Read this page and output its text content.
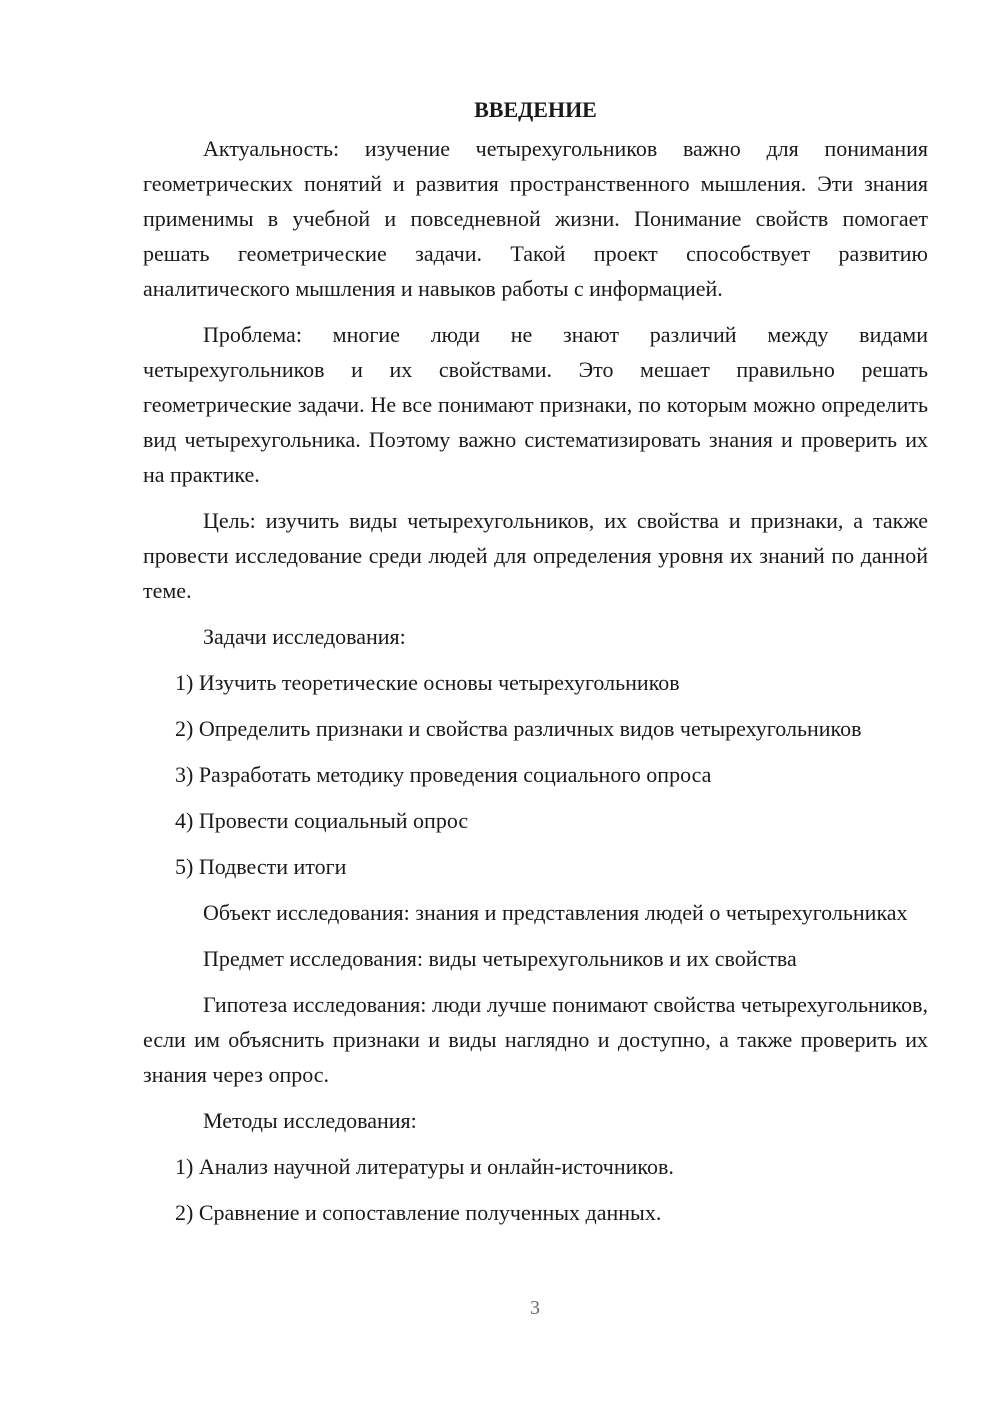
ВВЕДЕНИЕ

Актуальность: изучение четырехугольников важно для понимания геометрических понятий и развития пространственного мышления. Эти знания применимы в учебной и повседневной жизни. Понимание свойств помогает решать геометрические задачи. Такой проект способствует развитию аналитического мышления и навыков работы с информацией.

Проблема: многие люди не знают различий между видами четырехугольников и их свойствами. Это мешает правильно решать геометрические задачи. Не все понимают признаки, по которым можно определить вид четырехугольника. Поэтому важно систематизировать знания и проверить их на практике.

Цель: изучить виды четырехугольников, их свойства и признаки, а также провести исследование среди людей для определения уровня их знаний по данной теме.

Задачи исследования:

1) Изучить теоретические основы четырехугольников

2) Определить признаки и свойства различных видов четырехугольников

3) Разработать методику проведения социального опроса

4) Провести социальный опрос

5) Подвести итоги

Объект исследования: знания и представления людей о четырехугольниках

Предмет исследования: виды четырехугольников и их свойства

Гипотеза исследования: люди лучше понимают свойства четырехугольников, если им объяснить признаки и виды наглядно и доступно, а также проверить их знания через опрос.

Методы исследования:

1) Анализ научной литературы и онлайн-источников.

2) Сравнение и сопоставление полученных данных.

3
